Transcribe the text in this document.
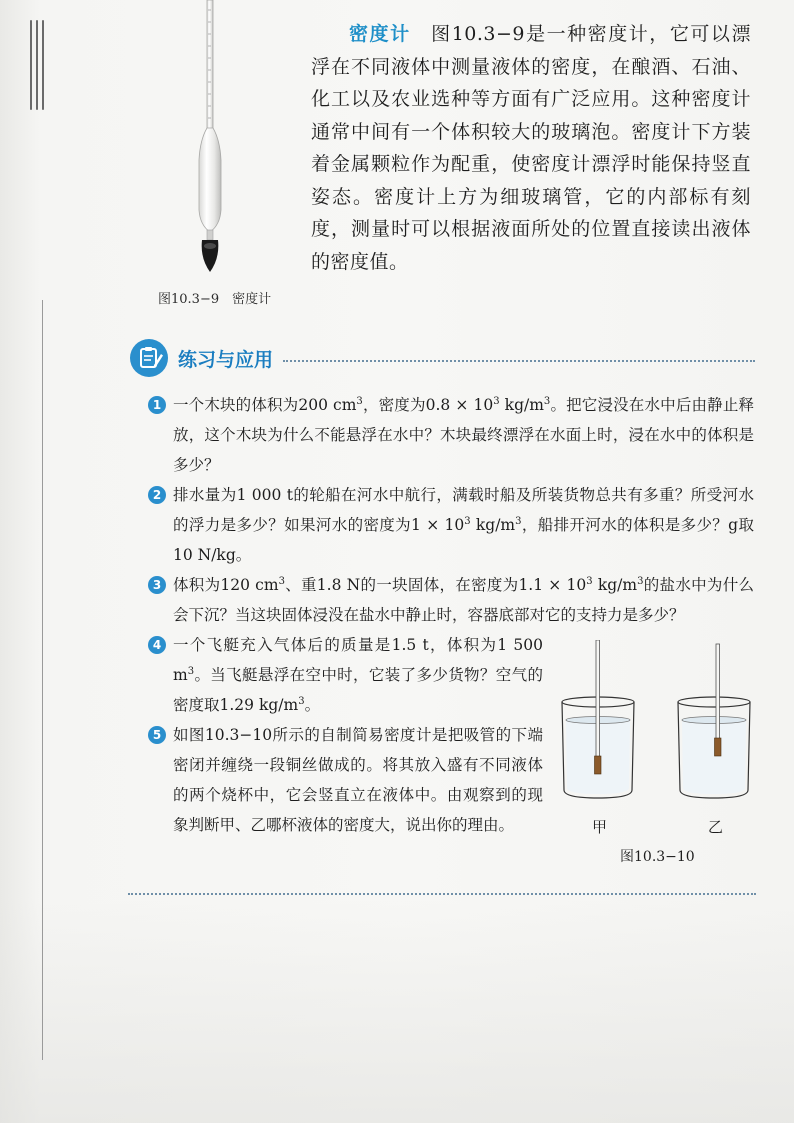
图10.3−9　密度计
密度计　 图10.3−9是一种密度计，它可以漂浮在不同液体中测量液体的密度，在酿酒、石油、化工以及农业选种等方面有广泛应用。这种密度计通常中间有一个体积较大的玻璃泡。密度计下方装着金属颗粒作为配重，使密度计漂浮时能保持竖直姿态。密度计上方为细玻璃管，它的内部标有刻度，测量时可以根据液面所处的位置直接读出液体的密度值。
练习与应用
1 一个木块的体积为200 $cm^3$，密度为$0.8 \times 10^3$ $kg/m^3$。把它浸没在水中后由静止释放，这个木块为什么不能悬浮在水中？木块最终漂浮在水面上时，浸在水中的体积是多少？
2 排水量为1 000 t的轮船在河水中航行，满载时船及所装货物总共有多重？所受河水的浮力是多少？如果河水的密度为$1 \times 10^3$ $kg/m^3$，船排开河水的体积是多少？g取10 N/kg。
3 体积为120 $cm^3$、重1.8 N的一块固体，在密度为$1.1 \times 10^3$ $kg/m^3$的盐水中为什么会下沉？当这块固体浸没在盐水中静止时，容器底部对它的支持力是多少？
4 一个飞艇充入气体后的质量是1.5 t，体积为1 500 $m^3$。当飞艇悬浮在空中时，它装了多少货物？空气的密度取1.29 $kg/m^3$。
5 如图10.3−10所示的自制简易密度计是把吸管的下端密闭并缠绕一段铜丝做成的。将其放入盛有不同液体的两个烧杯中，它会竖直立在液体中。由观察到的现象判断甲、乙哪杯液体的密度大，说出你的理由。	甲	乙
图10.3−10
